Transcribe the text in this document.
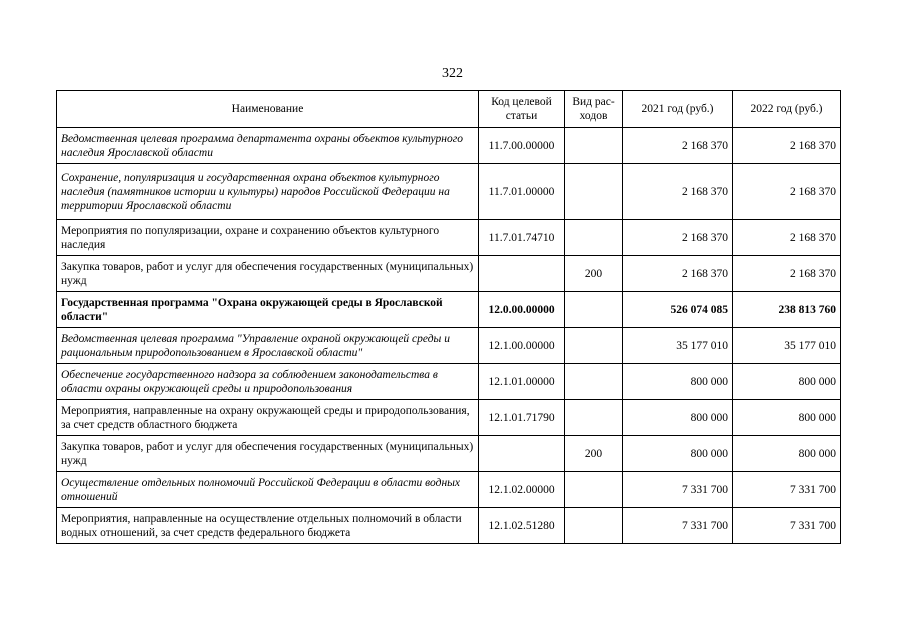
322
Наименование	Код целевой статьи	Вид рас-ходов	2021 год (руб.)	2022 год (руб.)
Ведомственная целевая программа департамента охраны объектов культурного наследия Ярославской области	11.7.00.00000		2 168 370	2 168 370
Сохранение, популяризация и государственная охрана объектов культурного наследия (памятников истории и культуры) народов Российской Федерации на территории Ярославской области	11.7.01.00000		2 168 370	2 168 370
Мероприятия по популяризации, охране и сохранению объектов культурного наследия	11.7.01.74710		2 168 370	2 168 370
Закупка товаров, работ и услуг для обеспечения государственных (муниципальных) нужд		200	2 168 370	2 168 370
Государственная программа "Охрана окружающей среды в Ярославской области"	12.0.00.00000		526 074 085	238 813 760
Ведомственная целевая программа "Управление охраной окружающей среды и рациональным природопользованием в Ярославской области"	12.1.00.00000		35 177 010	35 177 010
Обеспечение государственного надзора за соблюдением законодательства в области охраны окружающей среды и природопользования	12.1.01.00000		800 000	800 000
Мероприятия, направленные на охрану окружающей среды и природопользования, за счет средств областного бюджета	12.1.01.71790		800 000	800 000
Закупка товаров, работ и услуг для обеспечения государственных (муниципальных) нужд		200	800 000	800 000
Осуществление отдельных полномочий Российской Федерации в области водных отношений	12.1.02.00000		7 331 700	7 331 700
Мероприятия, направленные на осуществление отдельных полномочий в области водных отношений, за счет средств федерального бюджета	12.1.02.51280		7 331 700	7 331 700
